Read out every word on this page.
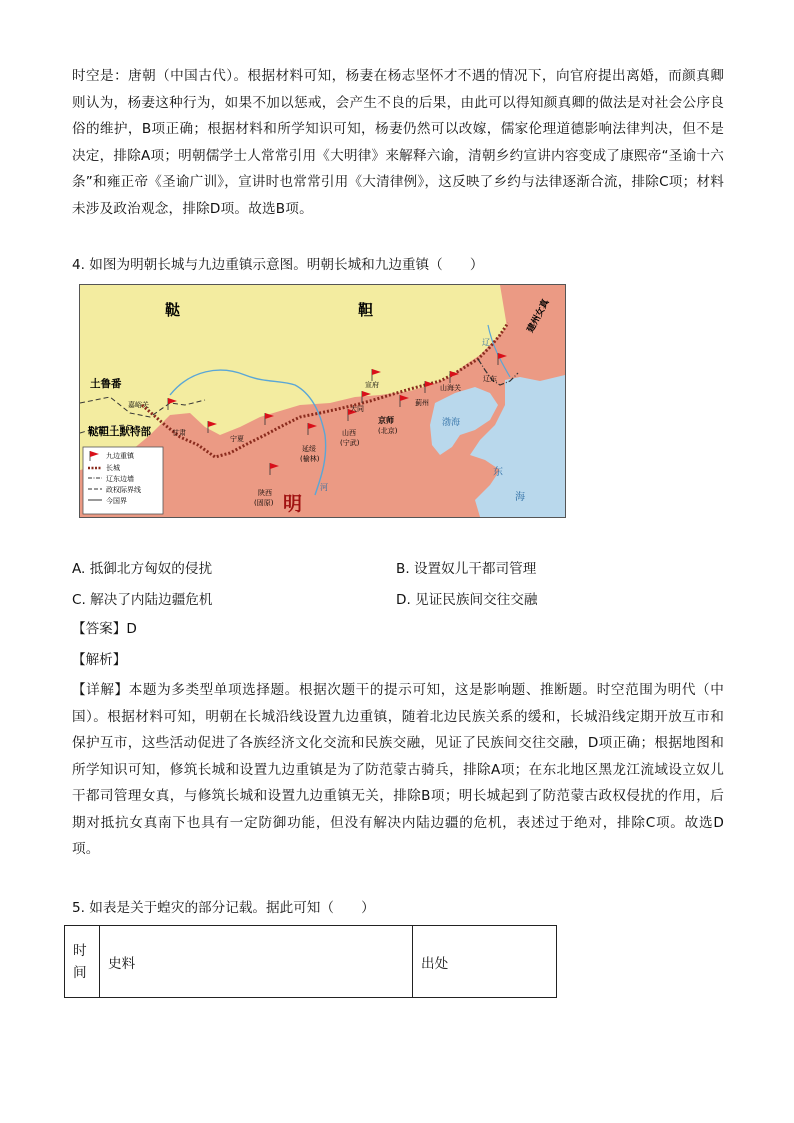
时空是：唐朝（中国古代）。根据材料可知，杨妻在杨志坚怀才不遇的情况下，向官府提出离婚，而颜真卿则认为，杨妻这种行为，如果不加以惩戒，会产生不良的后果，由此可以得知颜真卿的做法是对社会公序良俗的维护，B项正确；根据材料和所学知识可知，杨妻仍然可以改嫁，儒家伦理道德影响法律判决，但不是决定，排除A项；明朝儒学士人常常引用《大明律》来解释六谕，清朝乡约宣讲内容变成了康熙帝“圣谕十六条”和雍正帝《圣谕广训》，宣讲时也常常引用《大清律例》，这反映了乡约与法律逐渐合流，排除C项；材料未涉及政治观念，排除D项。故选B项。
4. 如图为明朝长城与九边重镇示意图。明朝长城和九边重镇（　　）
鞑	靼
土鲁番
鞑靼土默特部
明
建州女真
渤海
东
海
辽
河
嘉峪关
甘肃
宁夏
延绥
(榆林)
山西
(宁武)
大同
宣府
京师
(北京)
蓟州
山海关
辽东
陕西
(固原)
九边重镇
长城
辽东边墙
政权际界线
今国界
A. 抵御北方匈奴的侵扰	B. 设置奴儿干都司管理
C. 解决了内陆边疆危机	D. 见证民族间交往交融
【答案】D
【解析】
【详解】本题为多类型单项选择题。根据次题干的提示可知，这是影响题、推断题。时空范围为明代（中国）。根据材料可知，明朝在长城沿线设置九边重镇，随着北边民族关系的缓和，长城沿线定期开放互市和保护互市，这些活动促进了各族经济文化交流和民族交融，见证了民族间交往交融，D项正确；根据地图和所学知识可知，修筑长城和设置九边重镇是为了防范蒙古骑兵，排除A项；在东北地区黑龙江流域设立奴儿干都司管理女真，与修筑长城和设置九边重镇无关，排除B项；明长城起到了防范蒙古政权侵扰的作用，后期对抵抗女真南下也具有一定防御功能，但没有解决内陆边疆的危机，表述过于绝对，排除C项。故选D项。
5. 如表是关于蝗灾的部分记载。据此可知（　　）
时
间	史料	出处
